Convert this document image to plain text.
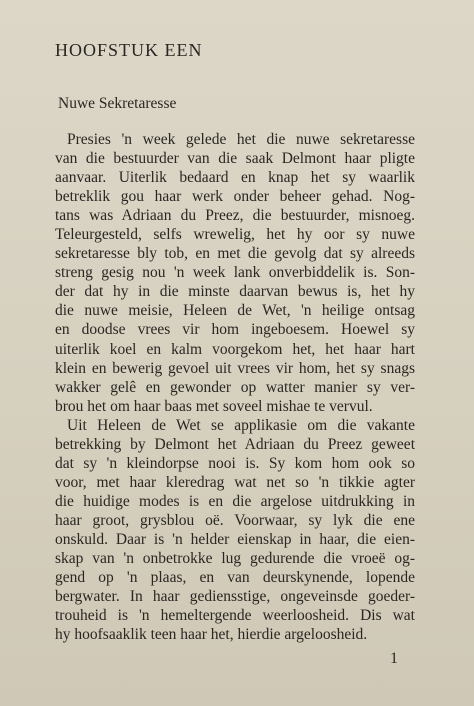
HOOFSTUK EEN
Nuwe Sekretaresse
Presies 'n week gelede het die nuwe sekretaresse
van die bestuurder van die saak Delmont haar pligte
aanvaar. Uiterlik bedaard en knap het sy waarlik
betreklik gou haar werk onder beheer gehad. Nog-
tans was Adriaan du Preez, die bestuurder, misnoeg.
Teleurgesteld, selfs wrewelig, het hy oor sy nuwe
sekretaresse bly tob, en met die gevolg dat sy alreeds
streng gesig nou 'n week lank onverbiddelik is. Son-
der dat hy in die minste daarvan bewus is, het hy
die nuwe meisie, Heleen de Wet, 'n heilige ontsag
en doodse vrees vir hom ingeboesem. Hoewel sy
uiterlik koel en kalm voorgekom het, het haar hart
klein en bewerig gevoel uit vrees vir hom, het sy snags
wakker gelê en gewonder op watter manier sy ver-
brou het om haar baas met soveel mishae te vervul.
Uit Heleen de Wet se applikasie om die vakante
betrekking by Delmont het Adriaan du Preez geweet
dat sy 'n kleindorpse nooi is. Sy kom hom ook so
voor, met haar kleredrag wat net so 'n tikkie agter
die huidige modes is en die argelose uitdrukking in
haar groot, grysblou oë. Voorwaar, sy lyk die ene
onskuld. Daar is 'n helder eienskap in haar, die eien-
skap van 'n onbetrokke lug gedurende die vroeë og-
gend op 'n plaas, en van deurskynende, lopende
bergwater. In haar gediensstige, ongeveinsde goeder-
trouheid is 'n hemeltergende weerloosheid. Dis wat
hy hoofsaaklik teen haar het, hierdie argeloosheid.
1
